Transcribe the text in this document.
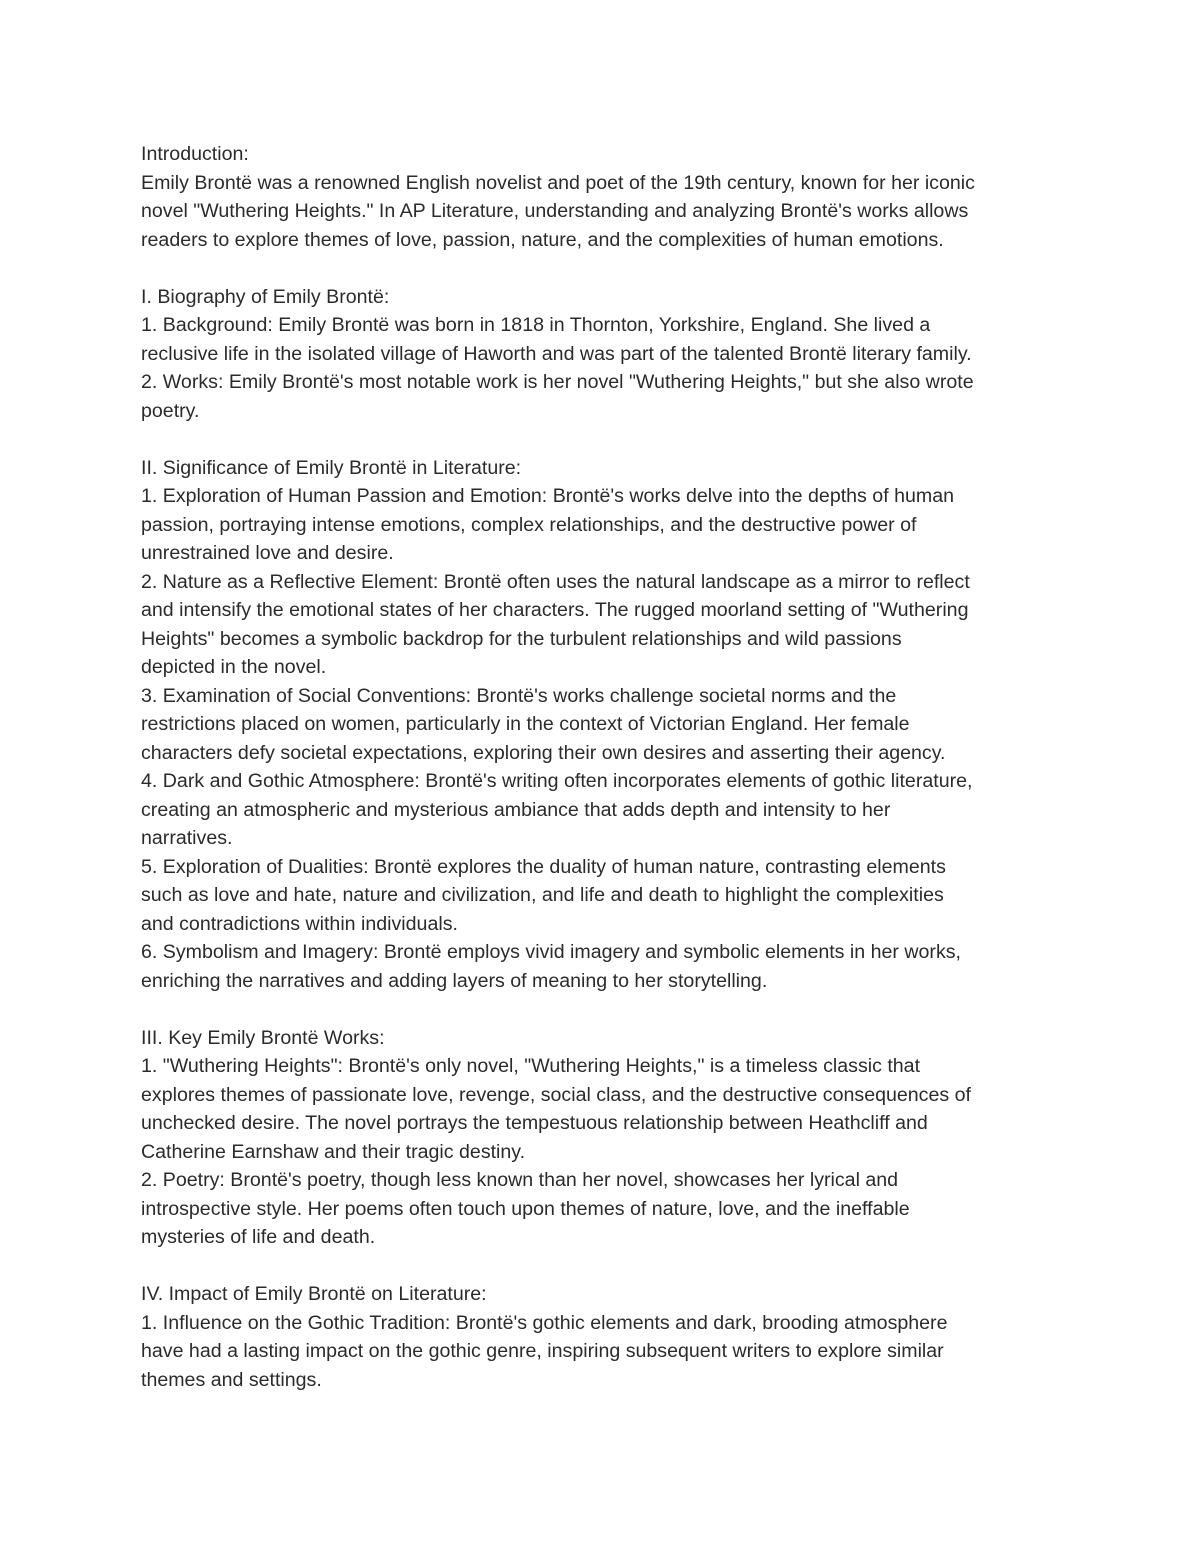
Introduction:
Emily Brontë was a renowned English novelist and poet of the 19th century, known for her iconic
novel "Wuthering Heights." In AP Literature, understanding and analyzing Brontë's works allows
readers to explore themes of love, passion, nature, and the complexities of human emotions.
I. Biography of Emily Brontë:
1. Background: Emily Brontë was born in 1818 in Thornton, Yorkshire, England. She lived a
reclusive life in the isolated village of Haworth and was part of the talented Brontë literary family.
2. Works: Emily Brontë's most notable work is her novel "Wuthering Heights," but she also wrote
poetry.
II. Significance of Emily Brontë in Literature:
1. Exploration of Human Passion and Emotion: Brontë's works delve into the depths of human
passion, portraying intense emotions, complex relationships, and the destructive power of
unrestrained love and desire.
2. Nature as a Reflective Element: Brontë often uses the natural landscape as a mirror to reflect
and intensify the emotional states of her characters. The rugged moorland setting of "Wuthering
Heights" becomes a symbolic backdrop for the turbulent relationships and wild passions
depicted in the novel.
3. Examination of Social Conventions: Brontë's works challenge societal norms and the
restrictions placed on women, particularly in the context of Victorian England. Her female
characters defy societal expectations, exploring their own desires and asserting their agency.
4. Dark and Gothic Atmosphere: Brontë's writing often incorporates elements of gothic literature,
creating an atmospheric and mysterious ambiance that adds depth and intensity to her
narratives.
5. Exploration of Dualities: Brontë explores the duality of human nature, contrasting elements
such as love and hate, nature and civilization, and life and death to highlight the complexities
and contradictions within individuals.
6. Symbolism and Imagery: Brontë employs vivid imagery and symbolic elements in her works,
enriching the narratives and adding layers of meaning to her storytelling.
III. Key Emily Brontë Works:
1. "Wuthering Heights": Brontë's only novel, "Wuthering Heights," is a timeless classic that
explores themes of passionate love, revenge, social class, and the destructive consequences of
unchecked desire. The novel portrays the tempestuous relationship between Heathcliff and
Catherine Earnshaw and their tragic destiny.
2. Poetry: Brontë's poetry, though less known than her novel, showcases her lyrical and
introspective style. Her poems often touch upon themes of nature, love, and the ineffable
mysteries of life and death.
IV. Impact of Emily Brontë on Literature:
1. Influence on the Gothic Tradition: Brontë's gothic elements and dark, brooding atmosphere
have had a lasting impact on the gothic genre, inspiring subsequent writers to explore similar
themes and settings.
